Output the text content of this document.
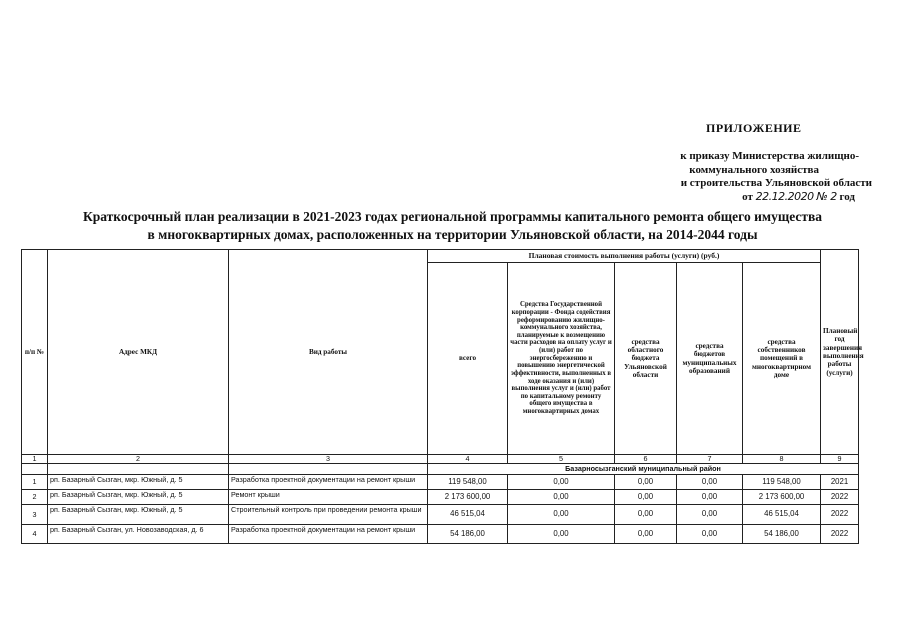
ПРИЛОЖЕНИЕ
к приказу Министерства жилищно-
коммунального хозяйства
и строительства Ульяновской области
от 22.12.2020 № 2 год
Краткосрочный план реализации в 2021-2023 годах региональной программы капитального ремонта общего имущества
в многоквартирных домах, расположенных на территории Ульяновской области, на 2014-2044 годы
п/п №	Адрес МКД	Вид работы	Плановая стоимость выполнения работы (услуги) (руб.)					Плановый год завершения выполнения работы (услуги)
			всего	Средства Государственной корпорации - Фонда содействия реформированию жилищно-коммунального хозяйства, планируемые к возмещению части расходов на оплату услуг и (или) работ по энергосбережению и повышению энергетической эффективности, выполненных в ходе оказания и (или) выполнения услуг и (или) работ по капитальному ремонту общего имущества в многоквартирных домах	средства областного бюджета Ульяновской области	средства бюджетов муниципальных образований	средства собственников помещений в многоквартирном доме	
1	2	3	4	5	6	7	8	9
			Базарносызганский муниципальный район					
1	рп. Базарный Сызган, мкр. Южный, д. 5	Разработка проектной документации на ремонт крыши	119 548,00	0,00	0,00	0,00	119 548,00	2021
2	рп. Базарный Сызган, мкр. Южный, д. 5	Ремонт крыши	2 173 600,00	0,00	0,00	0,00	2 173 600,00	2022
3	рп. Базарный Сызган, мкр. Южный, д. 5	Строительный контроль при проведении ремонта крыши	46 515,04	0,00	0,00	0,00	46 515,04	2022
4	рп. Базарный Сызган, ул. Новозаводская, д. 6	Разработка проектной документации на ремонт крыши	54 186,00	0,00	0,00	0,00	54 186,00	2022
